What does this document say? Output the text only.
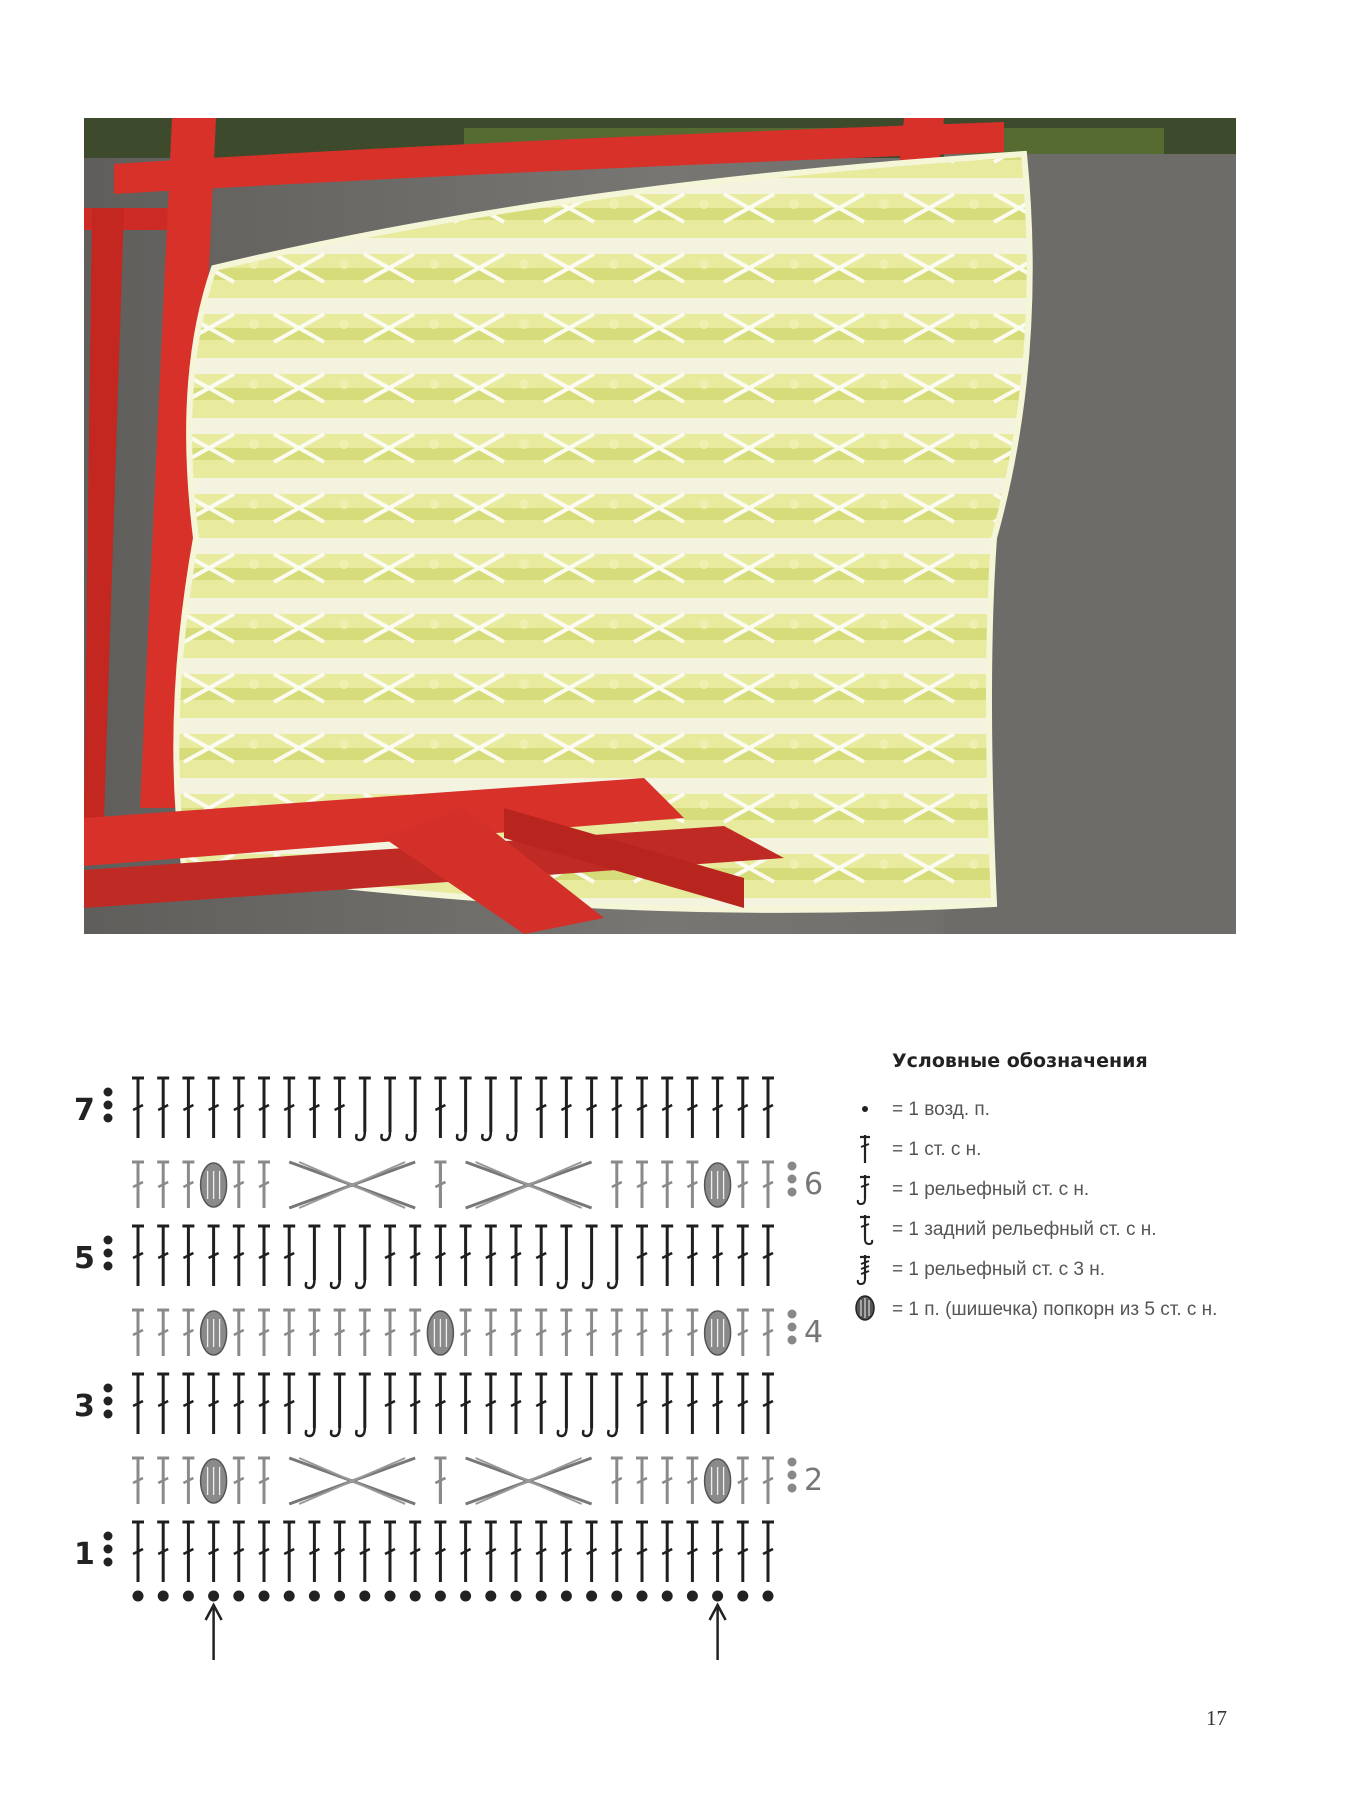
7
5
3
1
6
4
2
Условные обозначения
= 1 возд. п.
= 1 ст. с н.
= 1 рельефный ст. с н.
= 1 задний рельефный ст. с н.
= 1 рельефный ст. с 3 н.
= 1 п. (шишечка) попкорн из 5 ст. с н.
17
